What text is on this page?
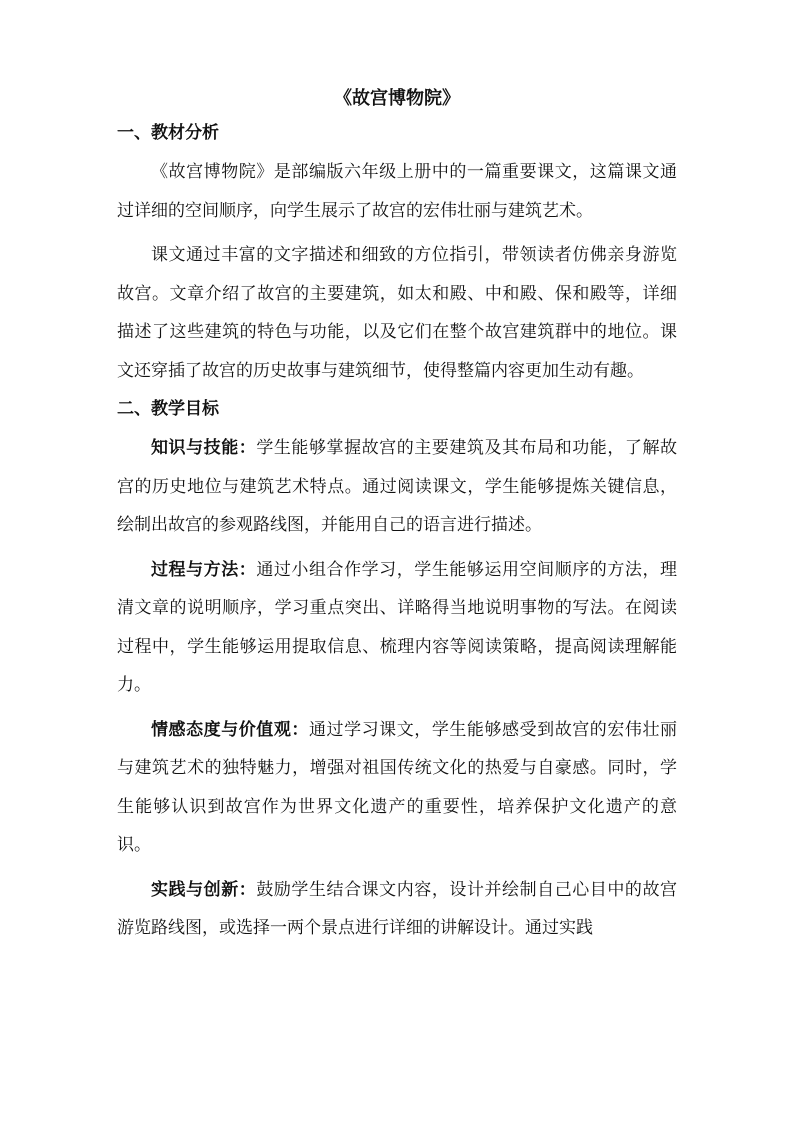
《故宫博物院》
一、教材分析

《故宫博物院》是部编版六年级上册中的一篇重要课文，这篇课文通过详细的空间顺序，向学生展示了故宫的宏伟壮丽与建筑艺术。

课文通过丰富的文字描述和细致的方位指引，带领读者仿佛亲身游览故宫。文章介绍了故宫的主要建筑，如太和殿、中和殿、保和殿等，详细描述了这些建筑的特色与功能，以及它们在整个故宫建筑群中的地位。课文还穿插了故宫的历史故事与建筑细节，使得整篇内容更加生动有趣。

二、教学目标

知识与技能：学生能够掌握故宫的主要建筑及其布局和功能，了解故宫的历史地位与建筑艺术特点。通过阅读课文，学生能够提炼关键信息，绘制出故宫的参观路线图，并能用自己的语言进行描述。

过程与方法：通过小组合作学习，学生能够运用空间顺序的方法，理清文章的说明顺序，学习重点突出、详略得当地说明事物的写法。在阅读过程中，学生能够运用提取信息、梳理内容等阅读策略，提高阅读理解能力。

情感态度与价值观：通过学习课文，学生能够感受到故宫的宏伟壮丽与建筑艺术的独特魅力，增强对祖国传统文化的热爱与自豪感。同时，学生能够认识到故宫作为世界文化遗产的重要性，培养保护文化遗产的意识。

实践与创新：鼓励学生结合课文内容，设计并绘制自己心目中的故宫游览路线图，或选择一两个景点进行详细的讲解设计。通过实践
